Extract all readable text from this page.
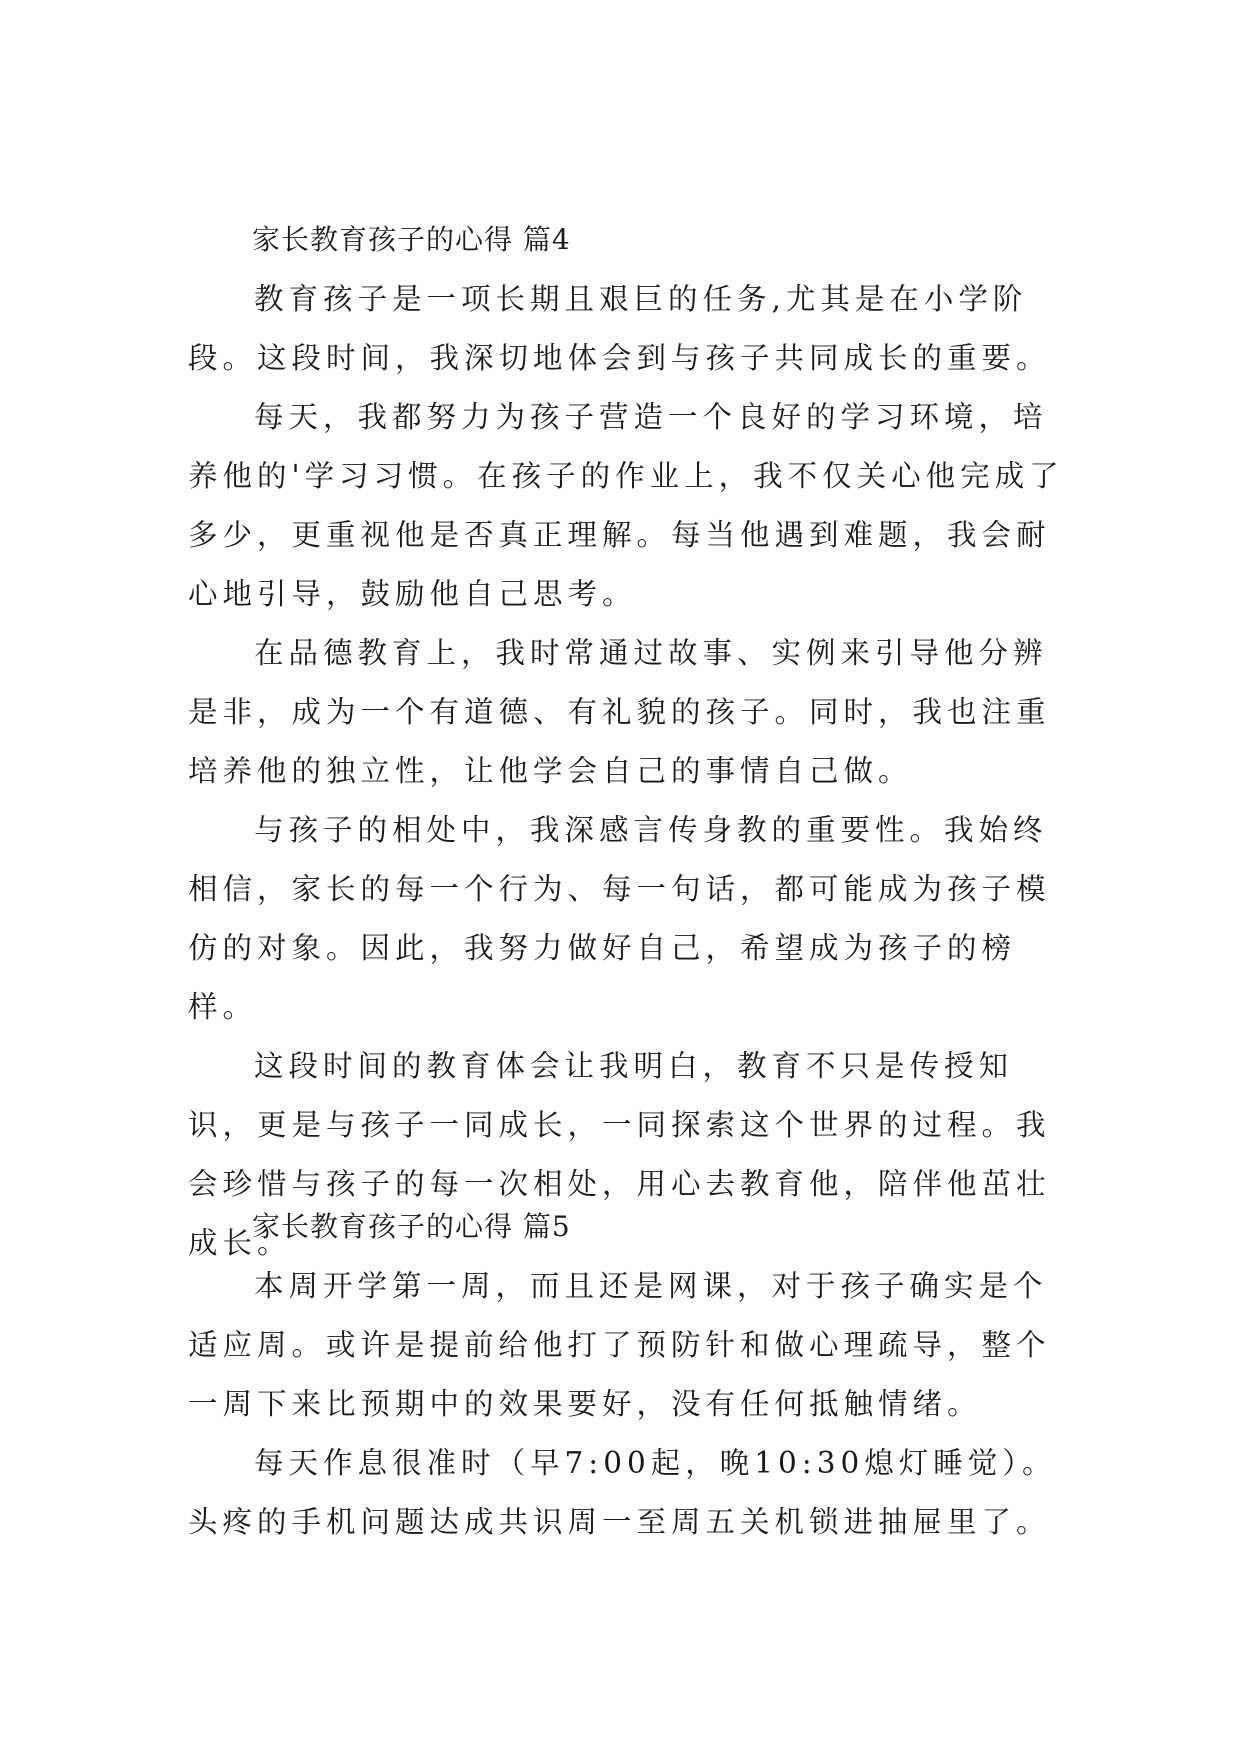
家长教育孩子的心得 篇4

教育孩子是一项长期且艰巨的任务,尤其是在小学阶段。这段时间，我深切地体会到与孩子共同成长的重要。

每天，我都努力为孩子营造一个良好的学习环境，培养他的'学习习惯。在孩子的作业上，我不仅关心他完成了多少，更重视他是否真正理解。每当他遇到难题，我会耐心地引导，鼓励他自己思考。

在品德教育上，我时常通过故事、实例来引导他分辨是非，成为一个有道德、有礼貌的孩子。同时，我也注重培养他的独立性，让他学会自己的事情自己做。

与孩子的相处中，我深感言传身教的重要性。我始终相信，家长的每一个行为、每一句话，都可能成为孩子模仿的对象。因此，我努力做好自己，希望成为孩子的榜样。

这段时间的教育体会让我明白，教育不只是传授知识，更是与孩子一同成长，一同探索这个世界的过程。我会珍惜与孩子的每一次相处，用心去教育他，陪伴他茁壮成长。

家长教育孩子的心得 篇5

本周开学第一周，而且还是网课，对于孩子确实是个适应周。或许是提前给他打了预防针和做心理疏导，整个一周下来比预期中的效果要好，没有任何抵触情绪。

每天作息很准时（早7:00起，晚10:30熄灯睡觉）。头疼的手机问题达成共识周一至周五关机锁进抽屉里了。
